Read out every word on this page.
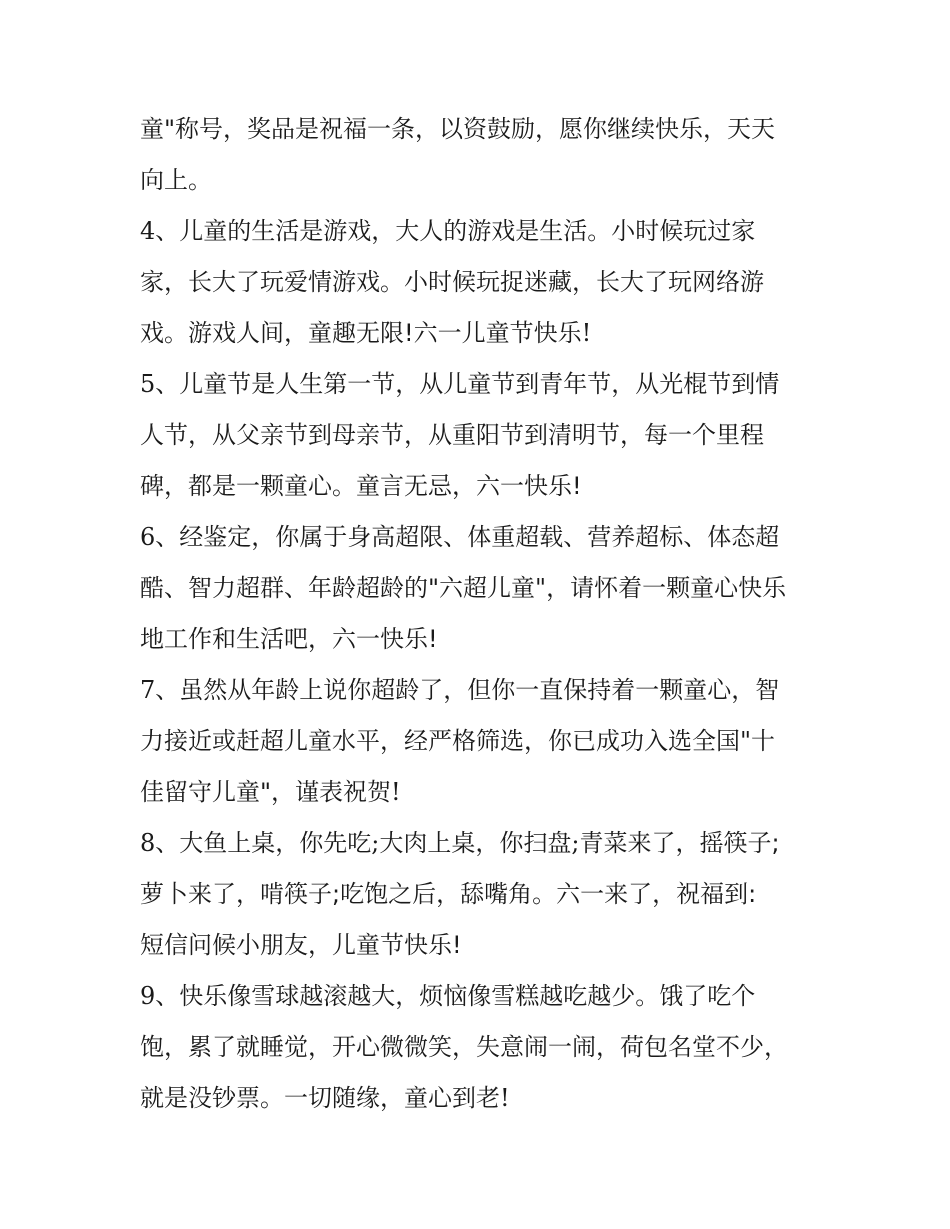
童"称号，奖品是祝福一条，以资鼓励，愿你继续快乐，天天
向上。
4、儿童的生活是游戏，大人的游戏是生活。小时候玩过家
家，长大了玩爱情游戏。小时候玩捉迷藏，长大了玩网络游
戏。游戏人间，童趣无限!六一儿童节快乐!
5、儿童节是人生第一节，从儿童节到青年节，从光棍节到情
人节，从父亲节到母亲节，从重阳节到清明节，每一个里程
碑，都是一颗童心。童言无忌，六一快乐!
6、经鉴定，你属于身高超限、体重超载、营养超标、体态超
酷、智力超群、年龄超龄的"六超儿童"，请怀着一颗童心快乐
地工作和生活吧，六一快乐!
7、虽然从年龄上说你超龄了，但你一直保持着一颗童心，智
力接近或赶超儿童水平，经严格筛选，你已成功入选全国"十
佳留守儿童"，谨表祝贺!
8、大鱼上桌，你先吃;大肉上桌，你扫盘;青菜来了，摇筷子;
萝卜来了，啃筷子;吃饱之后，舔嘴角。六一来了，祝福到:
短信问候小朋友，儿童节快乐!
9、快乐像雪球越滚越大，烦恼像雪糕越吃越少。饿了吃个
饱，累了就睡觉，开心微微笑，失意闹一闹，荷包名堂不少，
就是没钞票。一切随缘，童心到老!
